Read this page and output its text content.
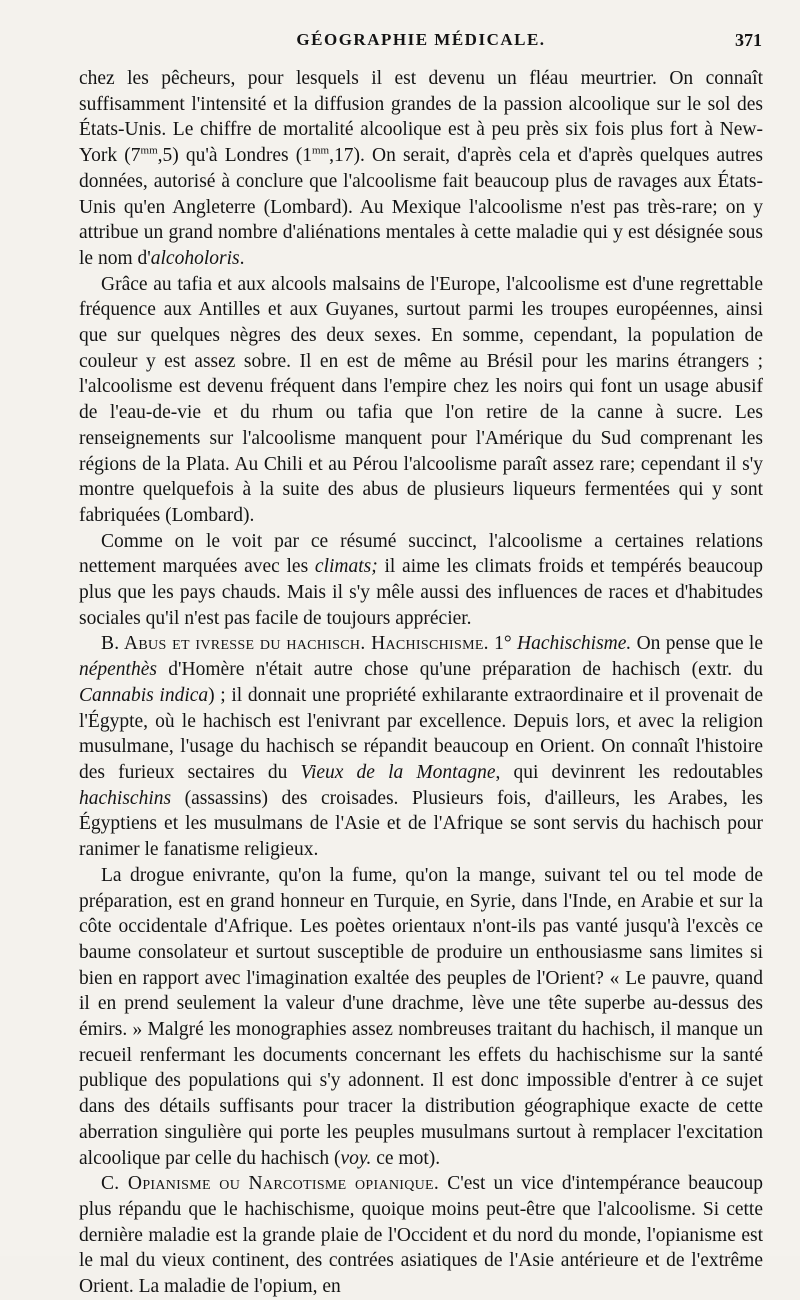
GÉOGRAPHIE MÉDICALE.	371

chez les pêcheurs, pour lesquels il est devenu un fléau meurtrier. On connaît suffisamment l'intensité et la diffusion grandes de la passion alcoolique sur le sol des États-Unis. Le chiffre de mortalité alcoolique est à peu près six fois plus fort à New-York $(7^{mm},5)$ qu'à Londres $(1^{mm},17)$. On serait, d'après cela et d'après quelques autres données, autorisé à conclure que l'alcoolisme fait beaucoup plus de ravages aux États-Unis qu'en Angleterre (Lombard). Au Mexique l'alcoolisme n'est pas très-rare; on y attribue un grand nombre d'aliénations mentales à cette maladie qui y est désignée sous le nom d'alcoholoris.

Grâce au tafia et aux alcools malsains de l'Europe, l'alcoolisme est d'une regrettable fréquence aux Antilles et aux Guyanes, surtout parmi les troupes européennes, ainsi que sur quelques nègres des deux sexes. En somme, cependant, la population de couleur y est assez sobre. Il en est de même au Brésil pour les marins étrangers ; l'alcoolisme est devenu fréquent dans l'empire chez les noirs qui font un usage abusif de l'eau-de-vie et du rhum ou tafia que l'on retire de la canne à sucre. Les renseignements sur l'alcoolisme manquent pour l'Amérique du Sud comprenant les régions de la Plata. Au Chili et au Pérou l'alcoolisme paraît assez rare; cependant il s'y montre quelquefois à la suite des abus de plusieurs liqueurs fermentées qui y sont fabriquées (Lombard).

Comme on le voit par ce résumé succinct, l'alcoolisme a certaines relations nettement marquées avec les climats; il aime les climats froids et tempérés beaucoup plus que les pays chauds. Mais il s'y mêle aussi des influences de races et d'habitudes sociales qu'il n'est pas facile de toujours apprécier.

B. Abus et ivresse du hachisch. Hachischisme. 1° Hachischisme. On pense que le népenthès d'Homère n'était autre chose qu'une préparation de hachisch (extr. du Cannabis indica) ; il donnait une propriété exhilarante extraordinaire et il provenait de l'Égypte, où le hachisch est l'enivrant par excellence. Depuis lors, et avec la religion musulmane, l'usage du hachisch se répandit beaucoup en Orient. On connaît l'histoire des furieux sectaires du Vieux de la Montagne, qui devinrent les redoutables hachischins (assassins) des croisades. Plusieurs fois, d'ailleurs, les Arabes, les Égyptiens et les musulmans de l'Asie et de l'Afrique se sont servis du hachisch pour ranimer le fanatisme religieux.

La drogue enivrante, qu'on la fume, qu'on la mange, suivant tel ou tel mode de préparation, est en grand honneur en Turquie, en Syrie, dans l'Inde, en Arabie et sur la côte occidentale d'Afrique. Les poètes orientaux n'ont-ils pas vanté jusqu'à l'excès ce baume consolateur et surtout susceptible de produire un enthousiasme sans limites si bien en rapport avec l'imagination exaltée des peuples de l'Orient? « Le pauvre, quand il en prend seulement la valeur d'une drachme, lève une tête superbe au-dessus des émirs. » Malgré les monographies assez nombreuses traitant du hachisch, il manque un recueil renfermant les documents concernant les effets du hachischisme sur la santé publique des populations qui s'y adonnent. Il est donc impossible d'entrer à ce sujet dans des détails suffisants pour tracer la distribution géographique exacte de cette aberration singulière qui porte les peuples musulmans surtout à remplacer l'excitation alcoolique par celle du hachisch (voy. ce mot).

C. Opianisme ou Narcotisme opianique. C'est un vice d'intempérance beaucoup plus répandu que le hachischisme, quoique moins peut-être que l'alcoolisme. Si cette dernière maladie est la grande plaie de l'Occident et du nord du monde, l'opianisme est le mal du vieux continent, des contrées asiatiques de l'Asie antérieure et de l'extrême Orient. La maladie de l'opium, en
